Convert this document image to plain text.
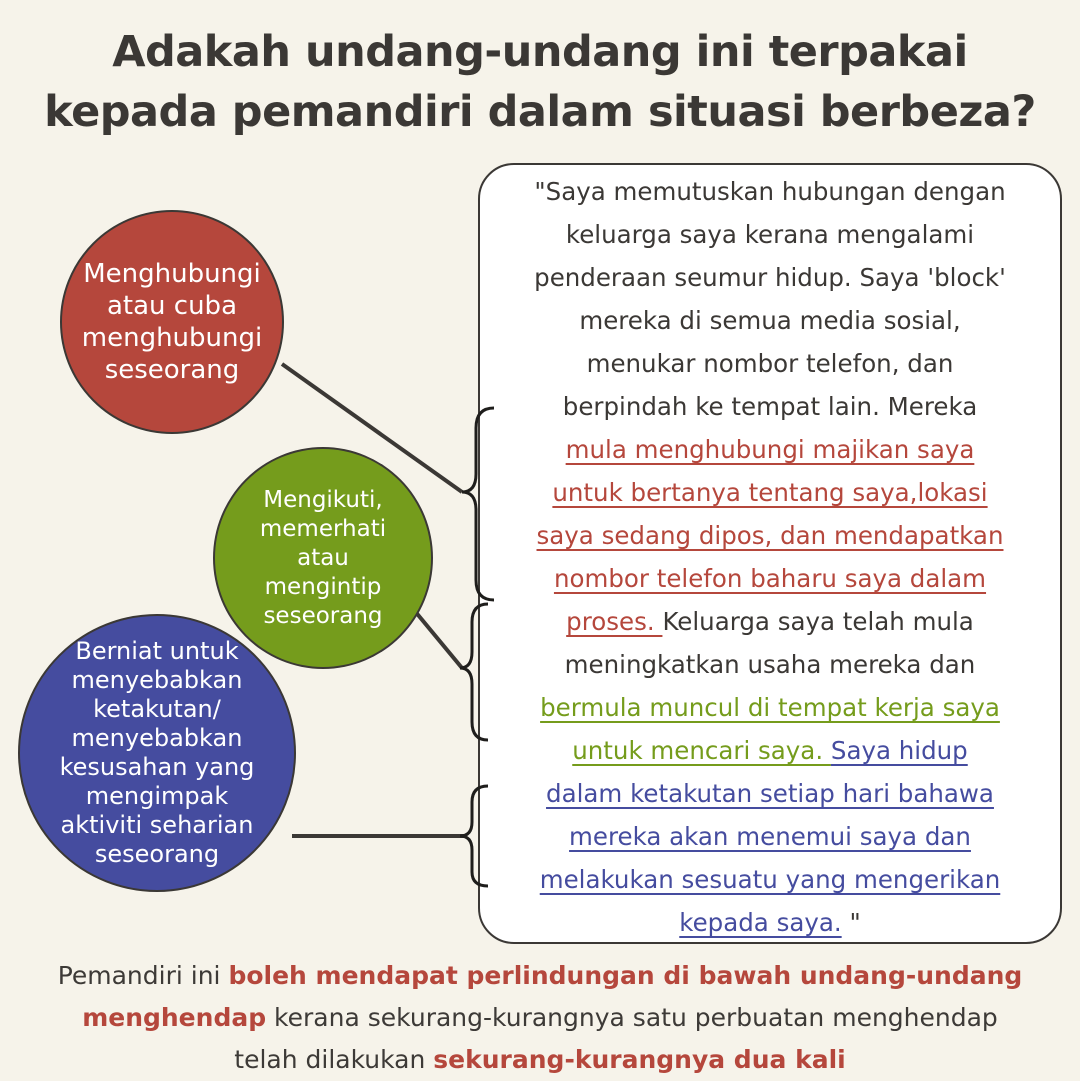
Adakah undang-undang ini terpakai
kepada pemandiri dalam situasi berbeza?
Menghubungi
atau cuba
menghubungi
seseorang
Mengikuti,
memerhati
atau
mengintip
seseorang
Berniat untuk
menyebabkan
ketakutan/
menyebabkan
kesusahan yang
mengimpak
aktiviti seharian
seseorang
"Saya memutuskan hubungan dengan
keluarga saya kerana mengalami
penderaan seumur hidup. Saya 'block'
mereka di semua media sosial,
menukar nombor telefon, dan
berpindah ke tempat lain. Mereka
mula menghubungi majikan saya
untuk bertanya tentang saya,lokasi
saya sedang dipos, dan mendapatkan
nombor telefon baharu saya dalam
proses. Keluarga saya telah mula
meningkatkan usaha mereka dan
bermula muncul di tempat kerja saya
untuk mencari saya. Saya hidup
dalam ketakutan setiap hari bahawa
mereka akan menemui saya dan
melakukan sesuatu yang mengerikan
kepada saya. "
Pemandiri ini boleh mendapat perlindungan di bawah undang-undang
menghendap kerana sekurang-kurangnya satu perbuatan menghendap
telah dilakukan sekurang-kurangnya dua kali
